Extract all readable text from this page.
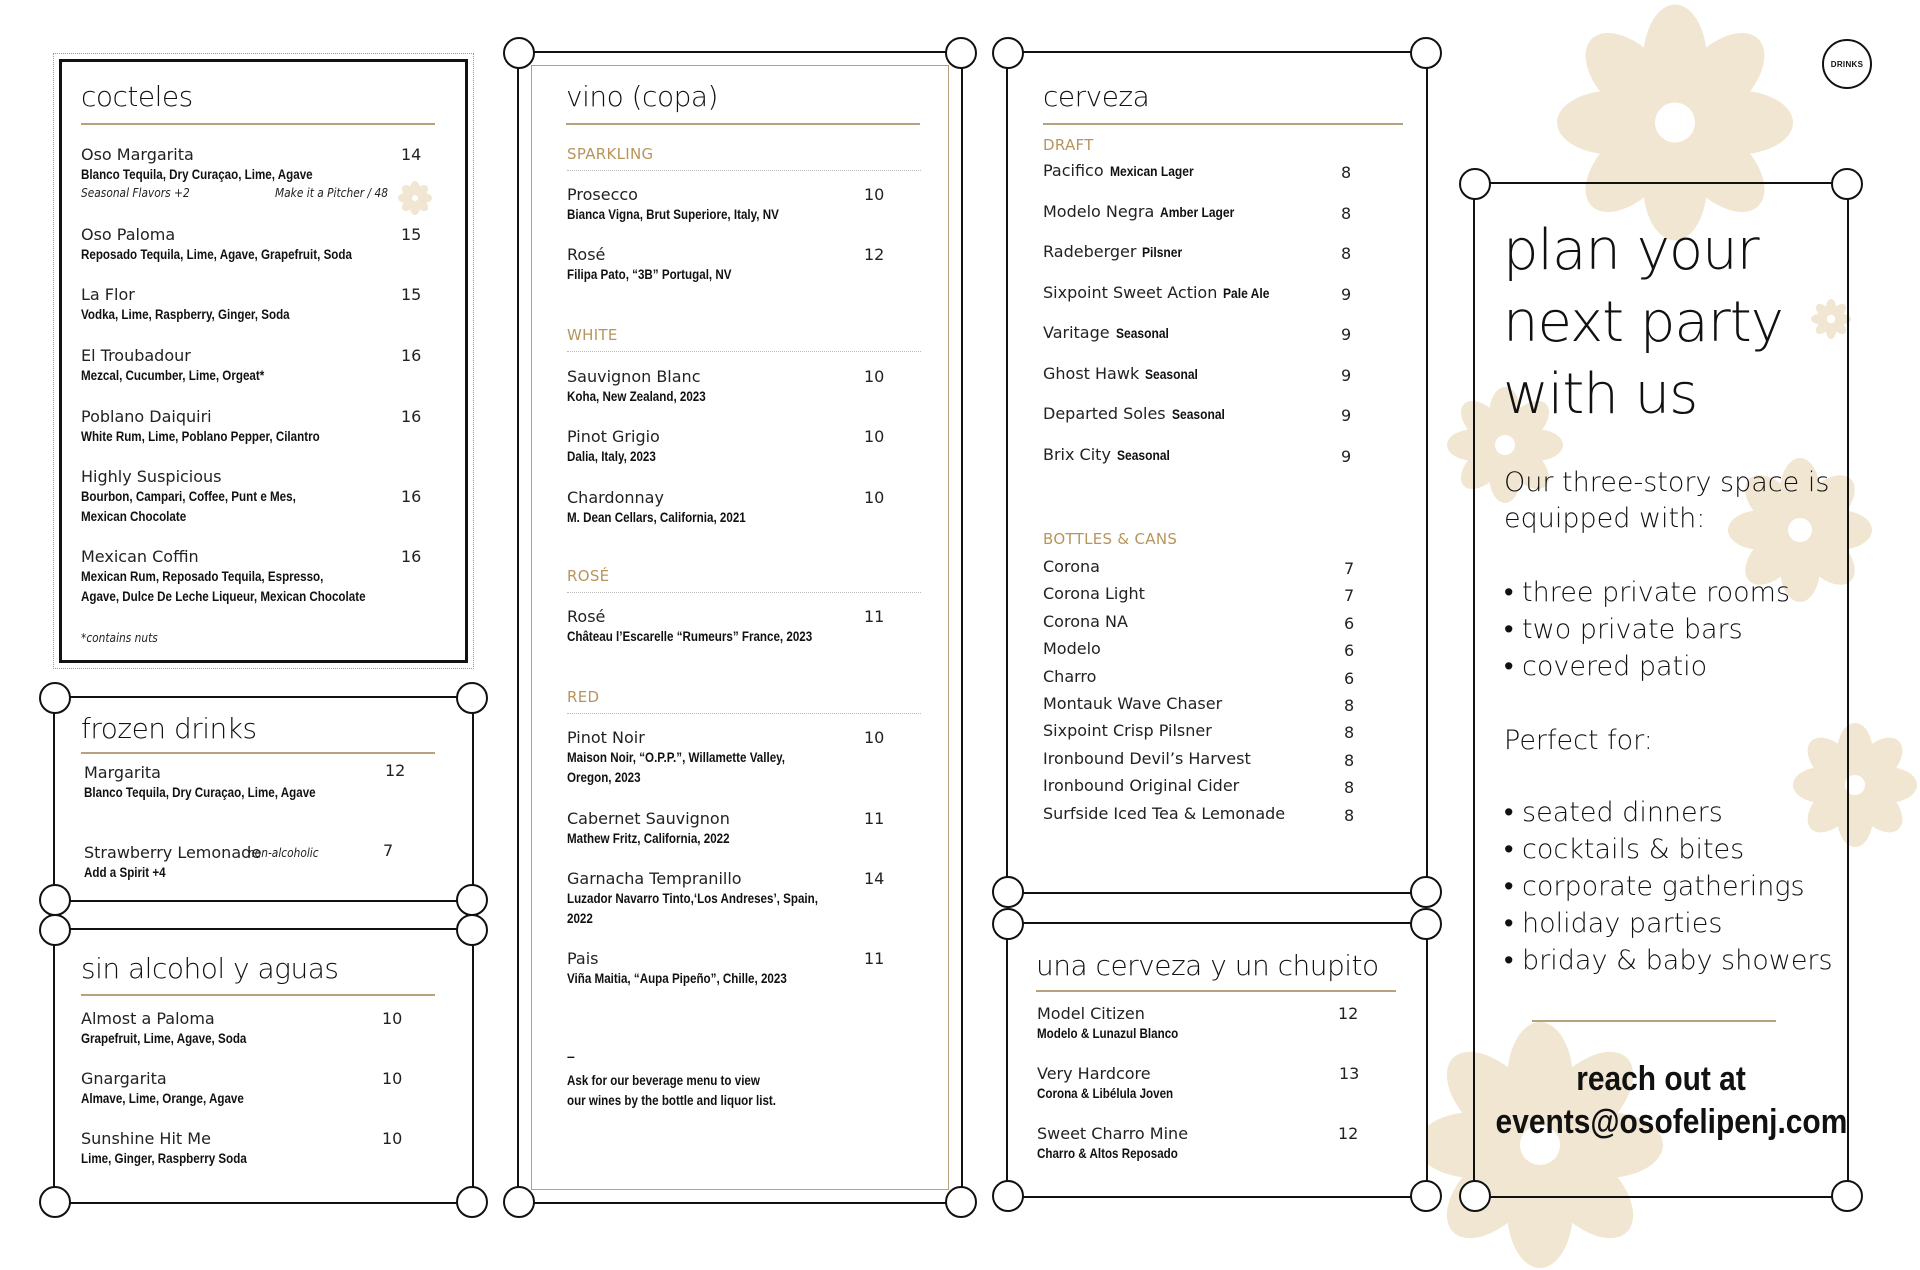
DRINKS
cocteles
*contains nuts
frozen drinks
sin alcohol y aguas
vino (copa)
–
Ask for our beverage menu to view
our wines by the bottle and liquor list.
cerveza
DRAFT
BOTTLES & CANS
una cerveza y un chupito
plan your
next party
with us
Our three-story space is
equipped with:
Perfect for:
reach out at
events@osofelipenj.com
Oso Margarita
Blanco Tequila, Dry Curaçao, Lime, Agave
14
Seasonal Flavors +2	Make it a Pitcher / 48
Oso Paloma
Reposado Tequila, Lime, Agave, Grapefruit, Soda
15
La Flor
Vodka, Lime, Raspberry, Ginger, Soda
15
El Troubadour
Mezcal, Cucumber, Lime, Orgeat*
16
Poblano Daiquiri
White Rum, Lime, Poblano Pepper, Cilantro
16
Highly Suspicious
Bourbon, Campari, Coffee, Punt e Mes,
Mexican Chocolate
16
Mexican Coffin
Mexican Rum, Reposado Tequila, Espresso,
Agave, Dulce De Leche Liqueur, Mexican Chocolate
16
Margarita
Blanco Tequila, Dry Curaçao, Lime, Agave
12
Strawberry Lemonade
non-alcoholic
Add a Spirit +4
7
Almost a Paloma
Grapefruit, Lime, Agave, Soda
10
Gnargarita
Almave, Lime, Orange, Agave
10
Sunshine Hit Me
Lime, Ginger, Raspberry Soda
10
SPARKLING
Prosecco
Bianca Vigna, Brut Superiore, Italy, NV
10
Rosé
Filipa Pato, “3B” Portugal, NV
12
WHITE
Sauvignon Blanc
Koha, New Zealand, 2023
10
Pinot Grigio
Dalia, Italy, 2023
10
Chardonnay
M. Dean Cellars, California, 2021
10
ROSÉ
Rosé
Château l’Escarelle “Rumeurs” France, 2023
11
RED
Pinot Noir
Maison Noir, “O.P.P.”, Willamette Valley,
Oregon, 2023
10
Cabernet Sauvignon
Mathew Fritz, California, 2022
11
Garnacha Tempranillo
Luzador Navarro Tinto,‘Los Andreses’, Spain,
2022
14
Pais
Viña Maitia, “Aupa Pipeño”, Chille, 2023
11
Pacifico Mexican Lager	8
Modelo Negra Amber Lager	8
Radeberger Pilsner	8
Sixpoint Sweet Action Pale Ale	9
Varitage Seasonal	9
Ghost Hawk Seasonal	9
Departed Soles Seasonal	9
Brix City Seasonal	9
Corona	7
Corona Light	7
Corona NA	6
Modelo	6
Charro	6
Montauk Wave Chaser	8
Sixpoint Crisp Pilsner	8
Ironbound Devil’s Harvest	8
Ironbound Original Cider	8
Surfside Iced Tea & Lemonade	8
Model Citizen
Modelo & Lunazul Blanco
12
Very Hardcore
Corona & Libélula Joven
13
Sweet Charro Mine
Charro & Altos Reposado
12
• three private rooms
• two private bars
• covered patio
• seated dinners
• cocktails & bites
• corporate gatherings
• holiday parties
• briday & baby showers
